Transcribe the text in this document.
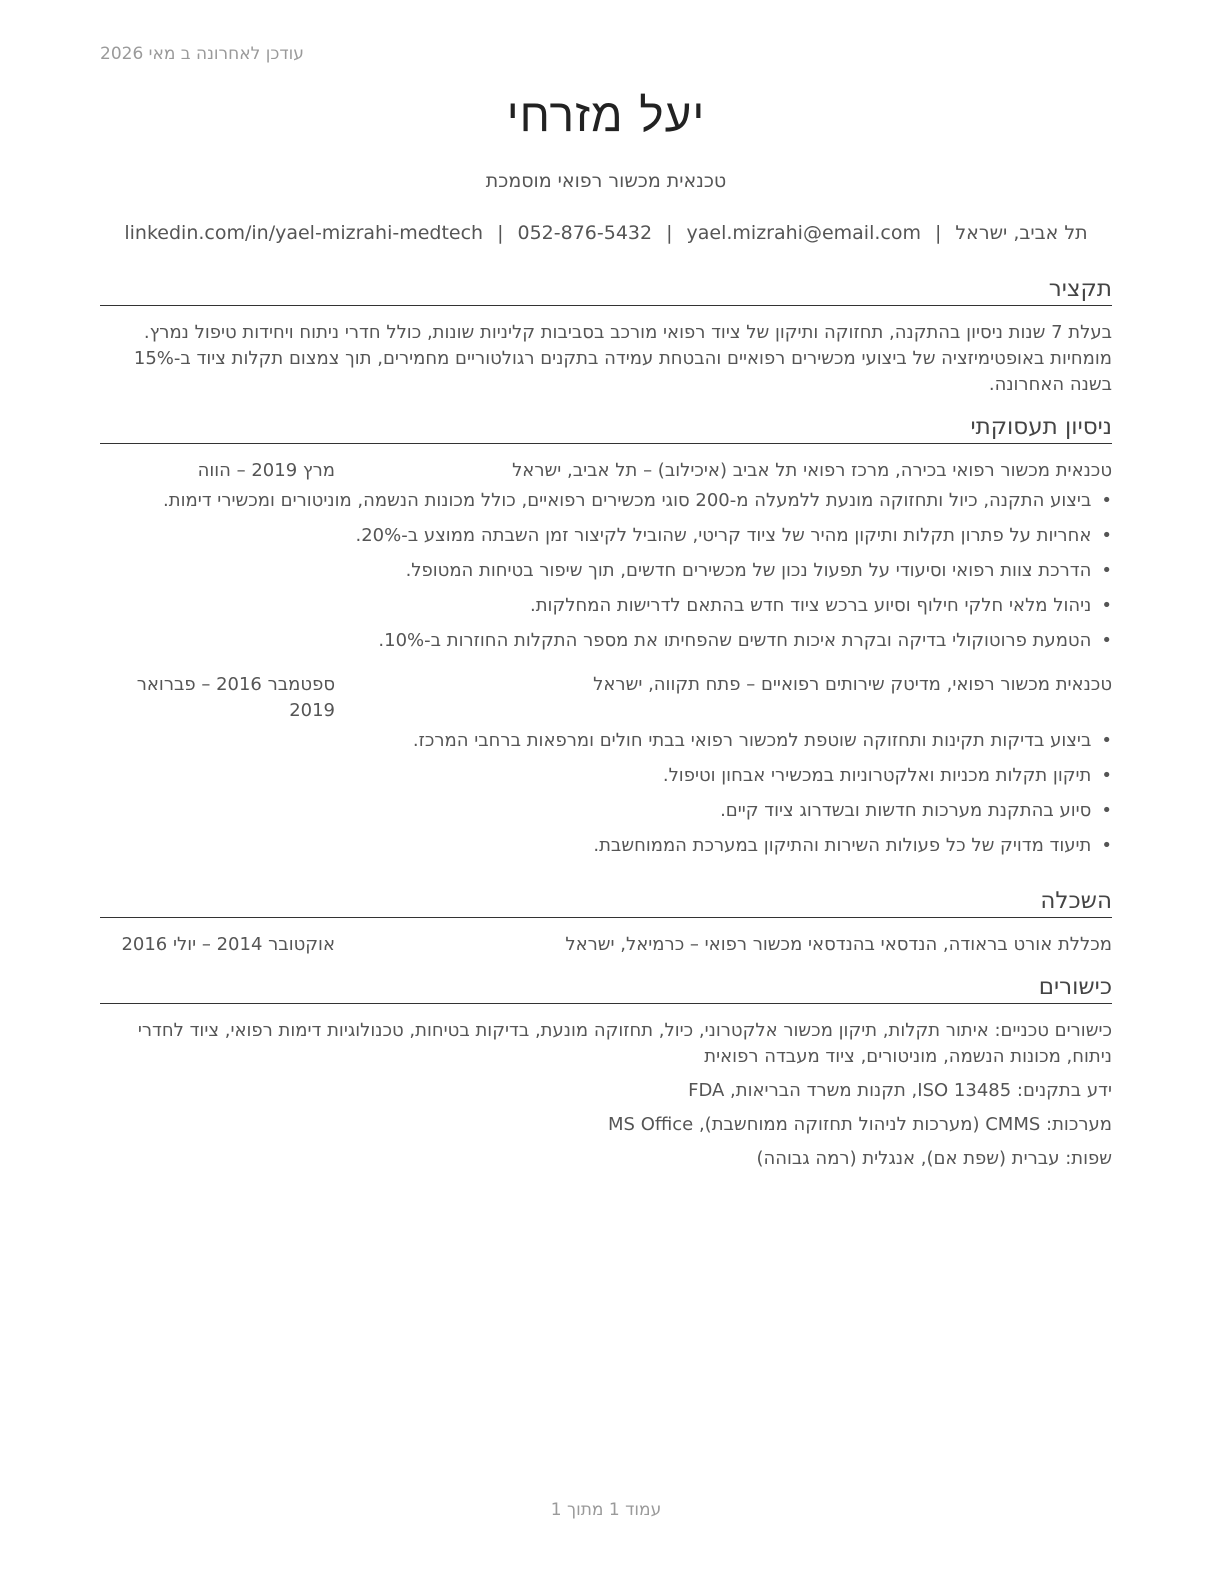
עודכן לאחרונה ב מאי 2026
יעל מזרחי
טכנאית מכשור רפואי מוסמכת
תל אביב, ישראל|yael.mizrahi@email.com|052-876-5432|linkedin.com/in/yael-mizrahi-medtech
תקציר
בעלת 7 שנות ניסיון בהתקנה, תחזוקה ותיקון של ציוד רפואי מורכב בסביבות קליניות שונות, כולל חדרי ניתוח ויחידות טיפול נמרץ. מומחיות באופטימיזציה של ביצועי מכשירים רפואיים והבטחת עמידה בתקנים רגולטוריים מחמירים, תוך צמצום תקלות ציוד ב-15% בשנה האחרונה.
ניסיון תעסוקתי
טכנאית מכשור רפואי בכירה, מרכז רפואי תל אביב (איכילוב) – תל אביב, ישראל
מרץ 2019 – הווה
• ביצוע התקנה, כיול ותחזוקה מונעת ללמעלה מ-200 סוגי מכשירים רפואיים, כולל מכונות הנשמה, מוניטורים ומכשירי דימות.
• אחריות על פתרון תקלות ותיקון מהיר של ציוד קריטי, שהוביל לקיצור זמן השבתה ממוצע ב-20%.
• הדרכת צוות רפואי וסיעודי על תפעול נכון של מכשירים חדשים, תוך שיפור בטיחות המטופל.
• ניהול מלאי חלקי חילוף וסיוע ברכש ציוד חדש בהתאם לדרישות המחלקות.
• הטמעת פרוטוקולי בדיקה ובקרת איכות חדשים שהפחיתו את מספר התקלות החוזרות ב-10%.
טכנאית מכשור רפואי, מדיטק שירותים רפואיים – פתח תקווה, ישראל
ספטמבר 2016 – פברואר 2019
• ביצוע בדיקות תקינות ותחזוקה שוטפת למכשור רפואי בבתי חולים ומרפאות ברחבי המרכז.
• תיקון תקלות מכניות ואלקטרוניות במכשירי אבחון וטיפול.
• סיוע בהתקנת מערכות חדשות ובשדרוג ציוד קיים.
• תיעוד מדויק של כל פעולות השירות והתיקון במערכת הממוחשבת.
השכלה
מכללת אורט בראודה, הנדסאי בהנדסאי מכשור רפואי – כרמיאל, ישראל
אוקטובר 2014 – יולי 2016
כישורים
כישורים טכניים: איתור תקלות, תיקון מכשור אלקטרוני, כיול, תחזוקה מונעת, בדיקות בטיחות, טכנולוגיות דימות רפואי, ציוד לחדרי ניתוח, מכונות הנשמה, מוניטורים, ציוד מעבדה רפואית
ידע בתקנים: ISO 13485, תקנות משרד הבריאות, FDA
מערכות: CMMS (מערכות לניהול תחזוקה ממוחשבת), MS Office
שפות: עברית (שפת אם), אנגלית (רמה גבוהה)
עמוד 1 מתוך 1
